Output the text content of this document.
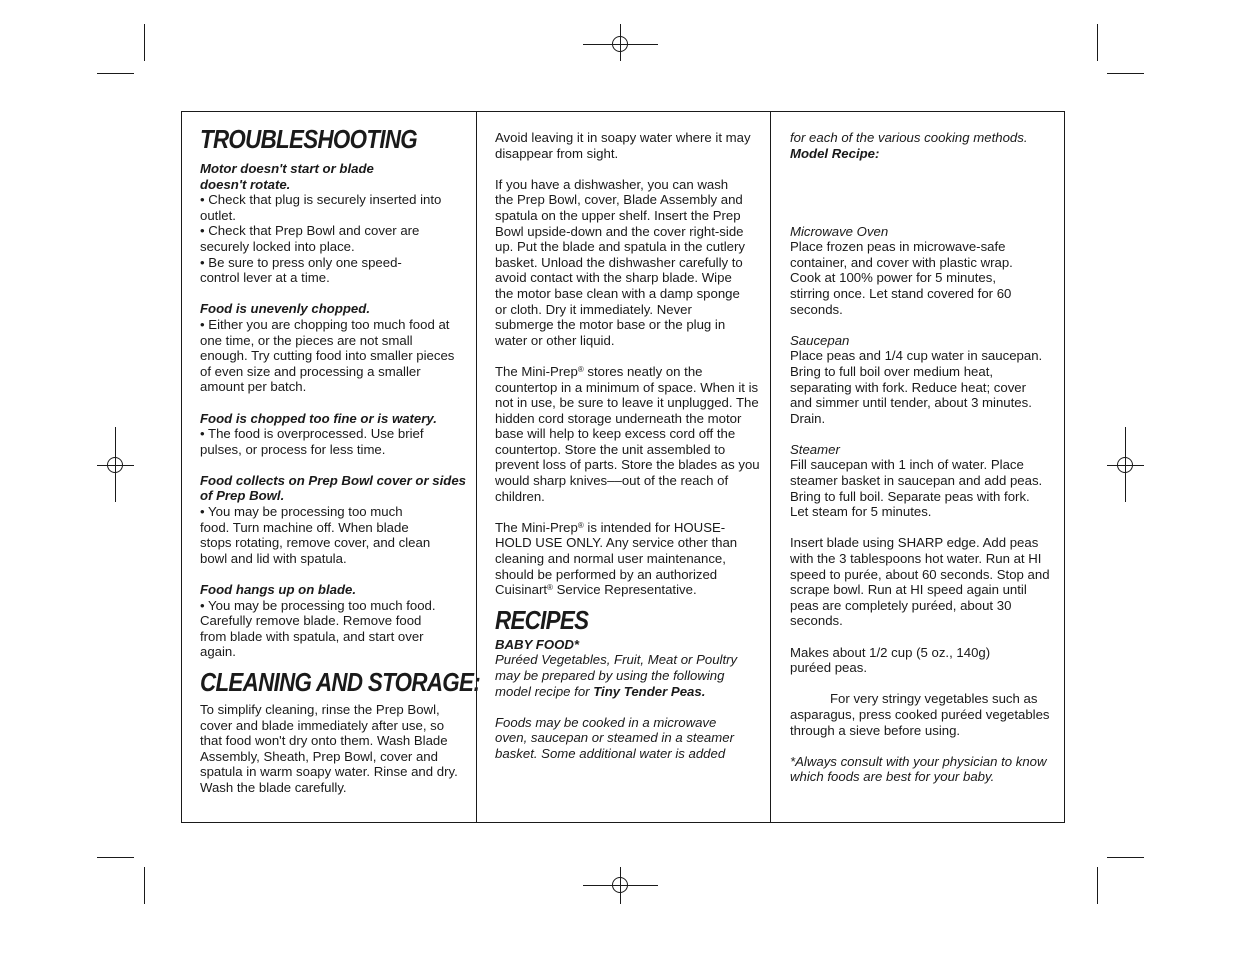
TROUBLESHOOTING

Motor doesn't start or blade doesn't rotate.

• Check that plug is securely inserted into outlet.

• Check that Prep Bowl and cover are securely locked into place.

• Be sure to press only one speed-control lever at a time.

Food is unevenly chopped.

• Either you are chopping too much food at one time, or the pieces are not small enough. Try cutting food into smaller pieces of even size and processing a smaller amount per batch.

Food is chopped too fine or is watery.

• The food is overprocessed. Use brief pulses, or process for less time.

Food collects on Prep Bowl cover or sides of Prep Bowl.

• You may be processing too much food. Turn machine off. When blade stops rotating, remove cover, and clean bowl and lid with spatula.

Food hangs up on blade.

• You may be processing too much food. Carefully remove blade. Remove food from blade with spatula, and start over again.

CLEANING AND STORAGE:

To simplify cleaning, rinse the Prep Bowl, cover and blade immediately after use, so that food won't dry onto them. Wash Blade Assembly, Sheath, Prep Bowl, cover and spatula in warm soapy water. Rinse and dry. Wash the blade carefully.

Avoid leaving it in soapy water where it may disappear from sight.

If you have a dishwasher, you can wash the Prep Bowl, cover, Blade Assembly and spatula on the upper shelf. Insert the Prep Bowl upside-down and the cover right-side up. Put the blade and spatula in the cutlery basket. Unload the dishwasher carefully to avoid contact with the sharp blade. Wipe the motor base clean with a damp sponge or cloth. Dry it immediately. Never submerge the motor base or the plug in water or other liquid.

The Mini-Prep® stores neatly on the countertop in a minimum of space. When it is not in use, be sure to leave it unplugged. The hidden cord storage underneath the motor base will help to keep excess cord off the countertop. Store the unit assembled to prevent loss of parts. Store the blades as you would sharp knives––out of the reach of children.

The Mini-Prep® is intended for HOUSE-HOLD USE ONLY. Any service other than cleaning and normal user maintenance, should be performed by an authorized Cuisinart® Service Representative.

RECIPES

BABY FOOD*

Puréed Vegetables, Fruit, Meat or Poultry may be prepared by using the following model recipe for Tiny Tender Peas.

Foods may be cooked in a microwave oven, saucepan or steamed in a steamer basket. Some additional water is added

for each of the various cooking methods.

Model Recipe:

Microwave Oven

Place frozen peas in microwave-safe container, and cover with plastic wrap. Cook at 100% power for 5 minutes, stirring once. Let stand covered for 60 seconds.

Saucepan

Place peas and 1/4 cup water in saucepan. Bring to full boil over medium heat, separating with fork. Reduce heat; cover and simmer until tender, about 3 minutes. Drain.

Steamer

Fill saucepan with 1 inch of water. Place steamer basket in saucepan and add peas. Bring to full boil. Separate peas with fork. Let steam for 5 minutes.

Insert blade using SHARP edge. Add peas with the 3 tablespoons hot water. Run at HI speed to purée, about 60 seconds. Stop and scrape bowl. Run at HI speed again until peas are completely puréed, about 30 seconds.

Makes about 1/2 cup (5 oz., 140g) puréed peas.

For very stringy vegetables such as asparagus, press cooked puréed vegetables through a sieve before using.

*Always consult with your physician to know which foods are best for your baby.
